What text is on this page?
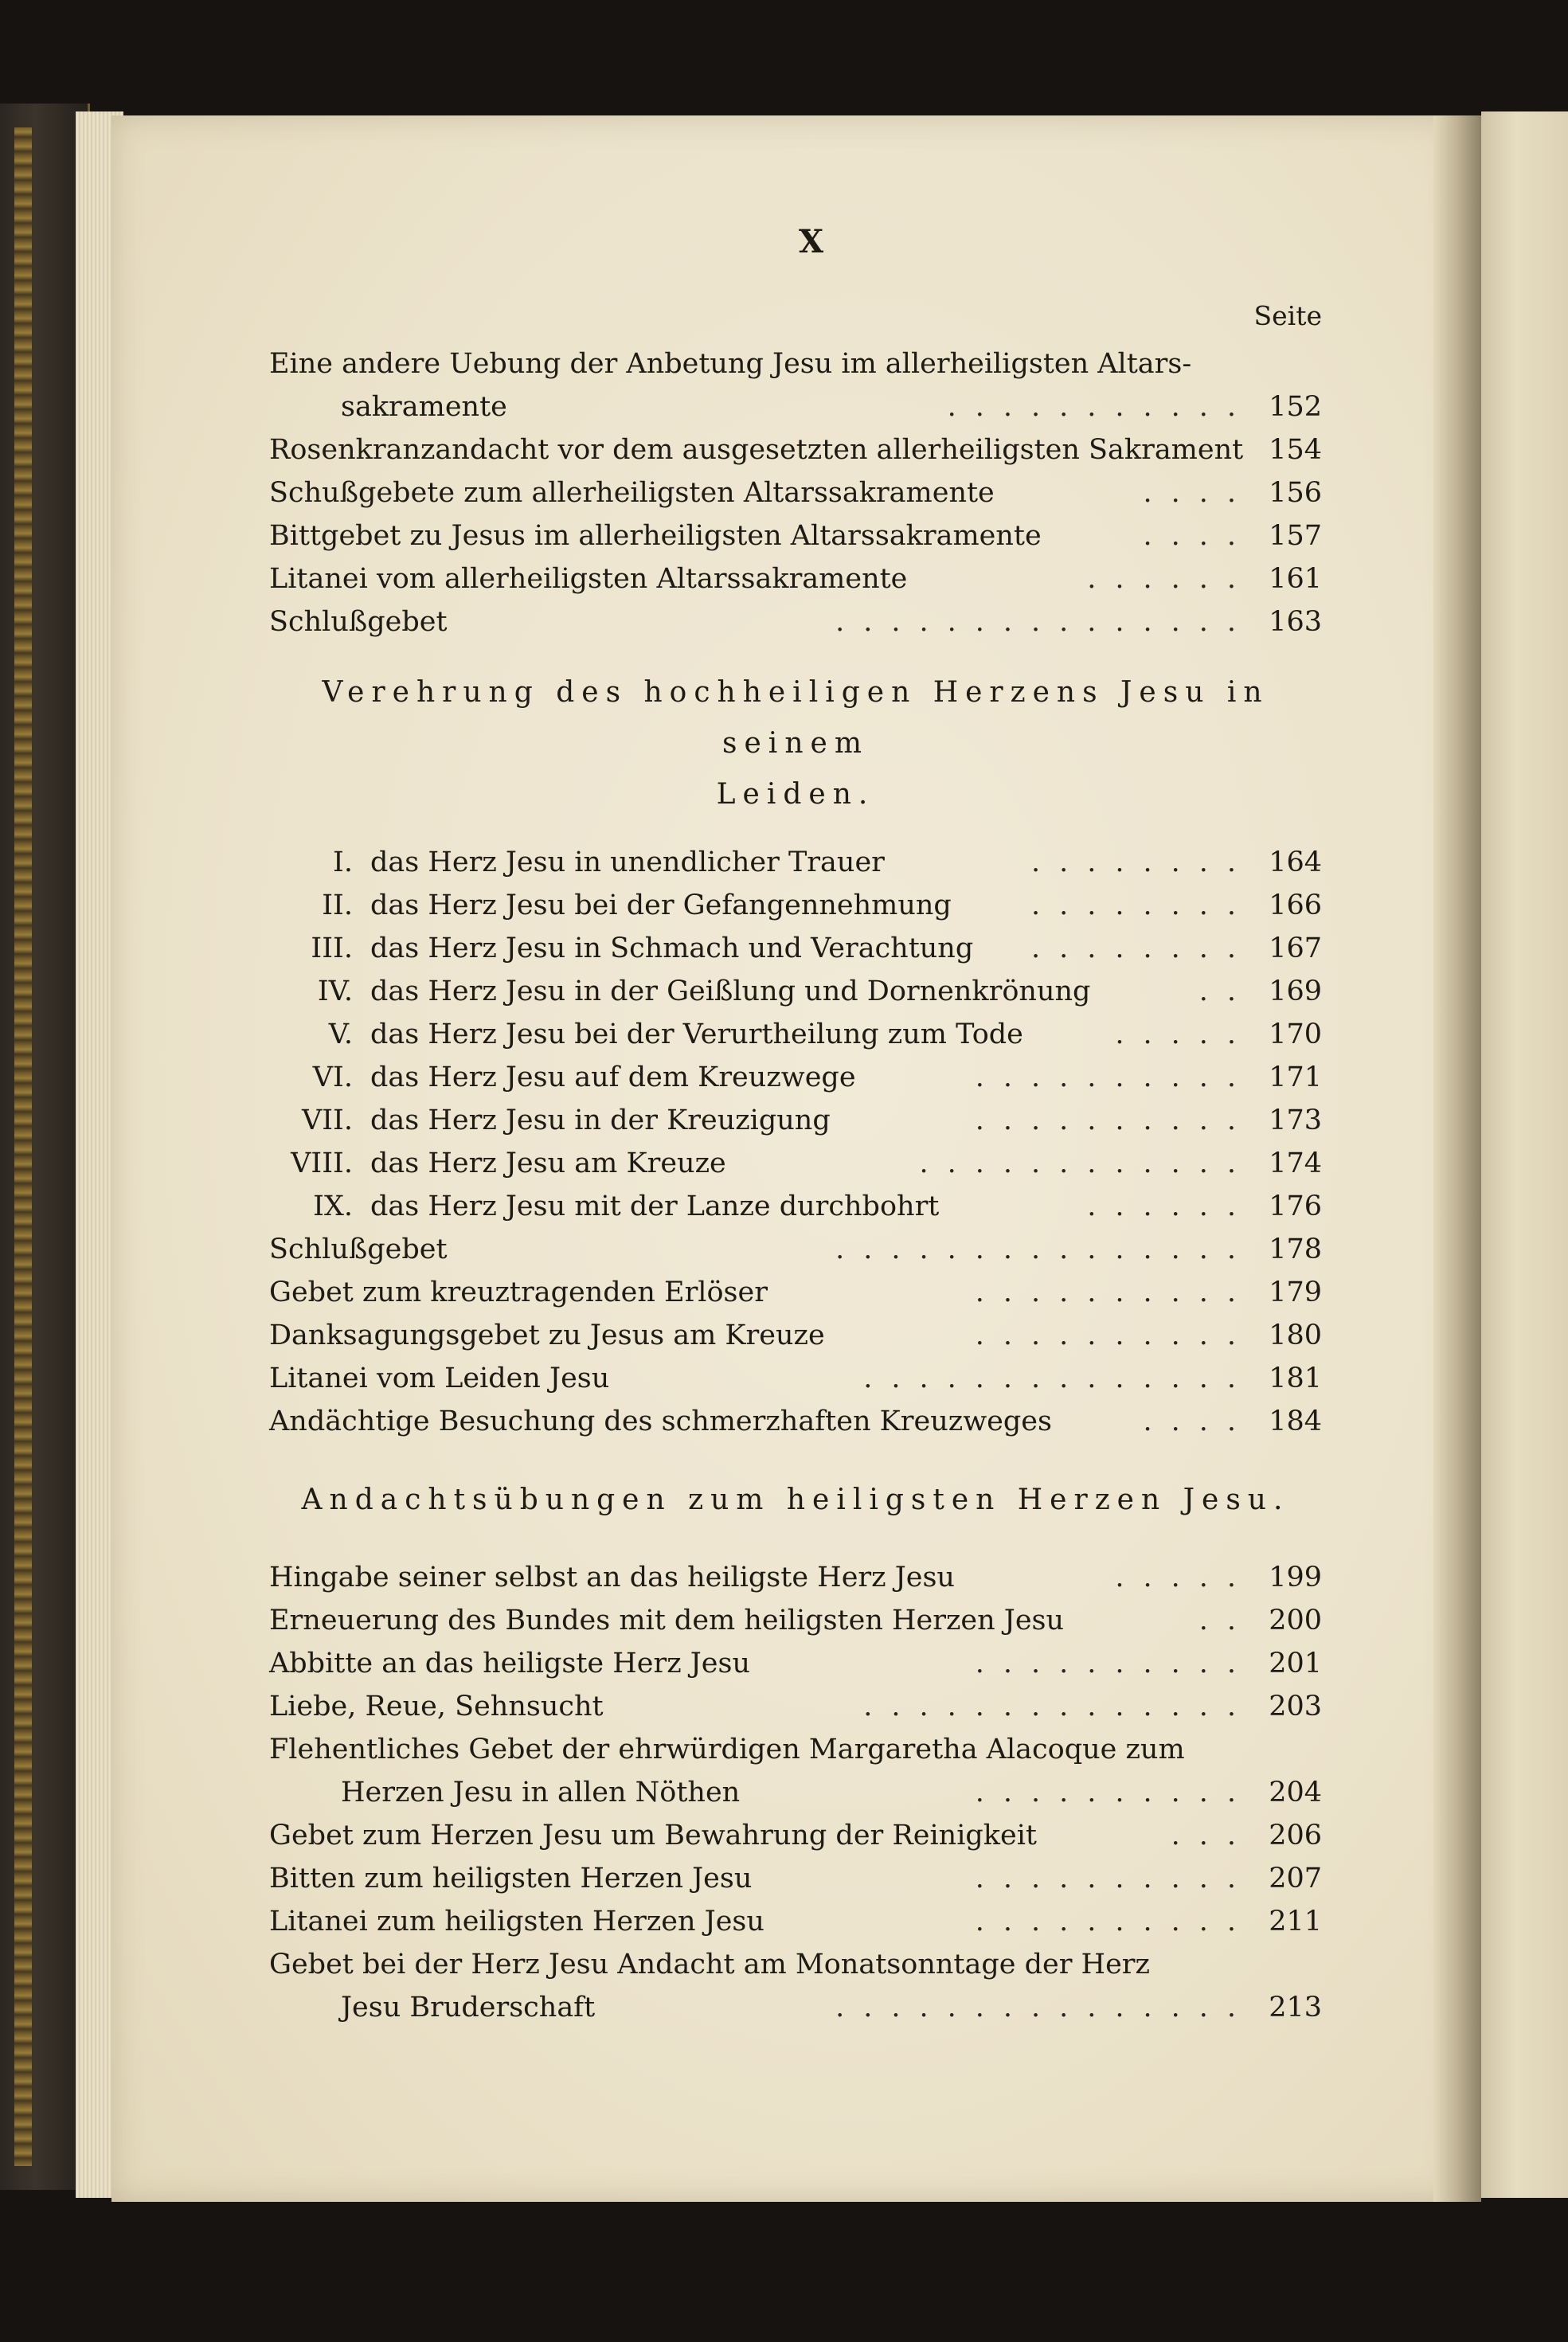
X
Seite
Eine andere Uebung der Anbetung Jesu im allerheiligsten Altars-
sakramente	........... 152
Rosenkranzandacht vor dem ausgesetzten allerheiligsten Sakrament 154
Schußgebete zum allerheiligsten Altarssakramente	.... 156
Bittgebet zu Jesus im allerheiligsten Altarssakramente	.... 157
Litanei vom allerheiligsten Altarssakramente	...... 161
Schlußgebet	............... 163
Verehrung des hochheiligen Herzens Jesu in seinem
Leiden.
I. das Herz Jesu in unendlicher Trauer	........ 164
II. das Herz Jesu bei der Gefangennehmung	........ 166
III. das Herz Jesu in Schmach und Verachtung	........ 167
IV. das Herz Jesu in der Geißlung und Dornenkrönung	.. 169
V. das Herz Jesu bei der Verurtheilung zum Tode	..... 170
VI. das Herz Jesu auf dem Kreuzwege	.......... 171
VII. das Herz Jesu in der Kreuzigung	.......... 173
VIII. das Herz Jesu am Kreuze	............ 174
IX. das Herz Jesu mit der Lanze durchbohrt	...... 176
Schlußgebet	............... 178
Gebet zum kreuztragenden Erlöser	.......... 179
Danksagungsgebet zu Jesus am Kreuze	.......... 180
Litanei vom Leiden Jesu	.............. 181
Andächtige Besuchung des schmerzhaften Kreuzweges	.... 184
Andachtsübungen zum heiligsten Herzen Jesu.
Hingabe seiner selbst an das heiligste Herz Jesu	..... 199
Erneuerung des Bundes mit dem heiligsten Herzen Jesu	.. 200
Abbitte an das heiligste Herz Jesu	.......... 201
Liebe, Reue, Sehnsucht	.............. 203
Flehentliches Gebet der ehrwürdigen Margaretha Alacoque zum
Herzen Jesu in allen Nöthen	.......... 204
Gebet zum Herzen Jesu um Bewahrung der Reinigkeit	... 206
Bitten zum heiligsten Herzen Jesu	.......... 207
Litanei zum heiligsten Herzen Jesu	.......... 211
Gebet bei der Herz Jesu Andacht am Monatsonntage der Herz
Jesu Bruderschaft	............... 213
